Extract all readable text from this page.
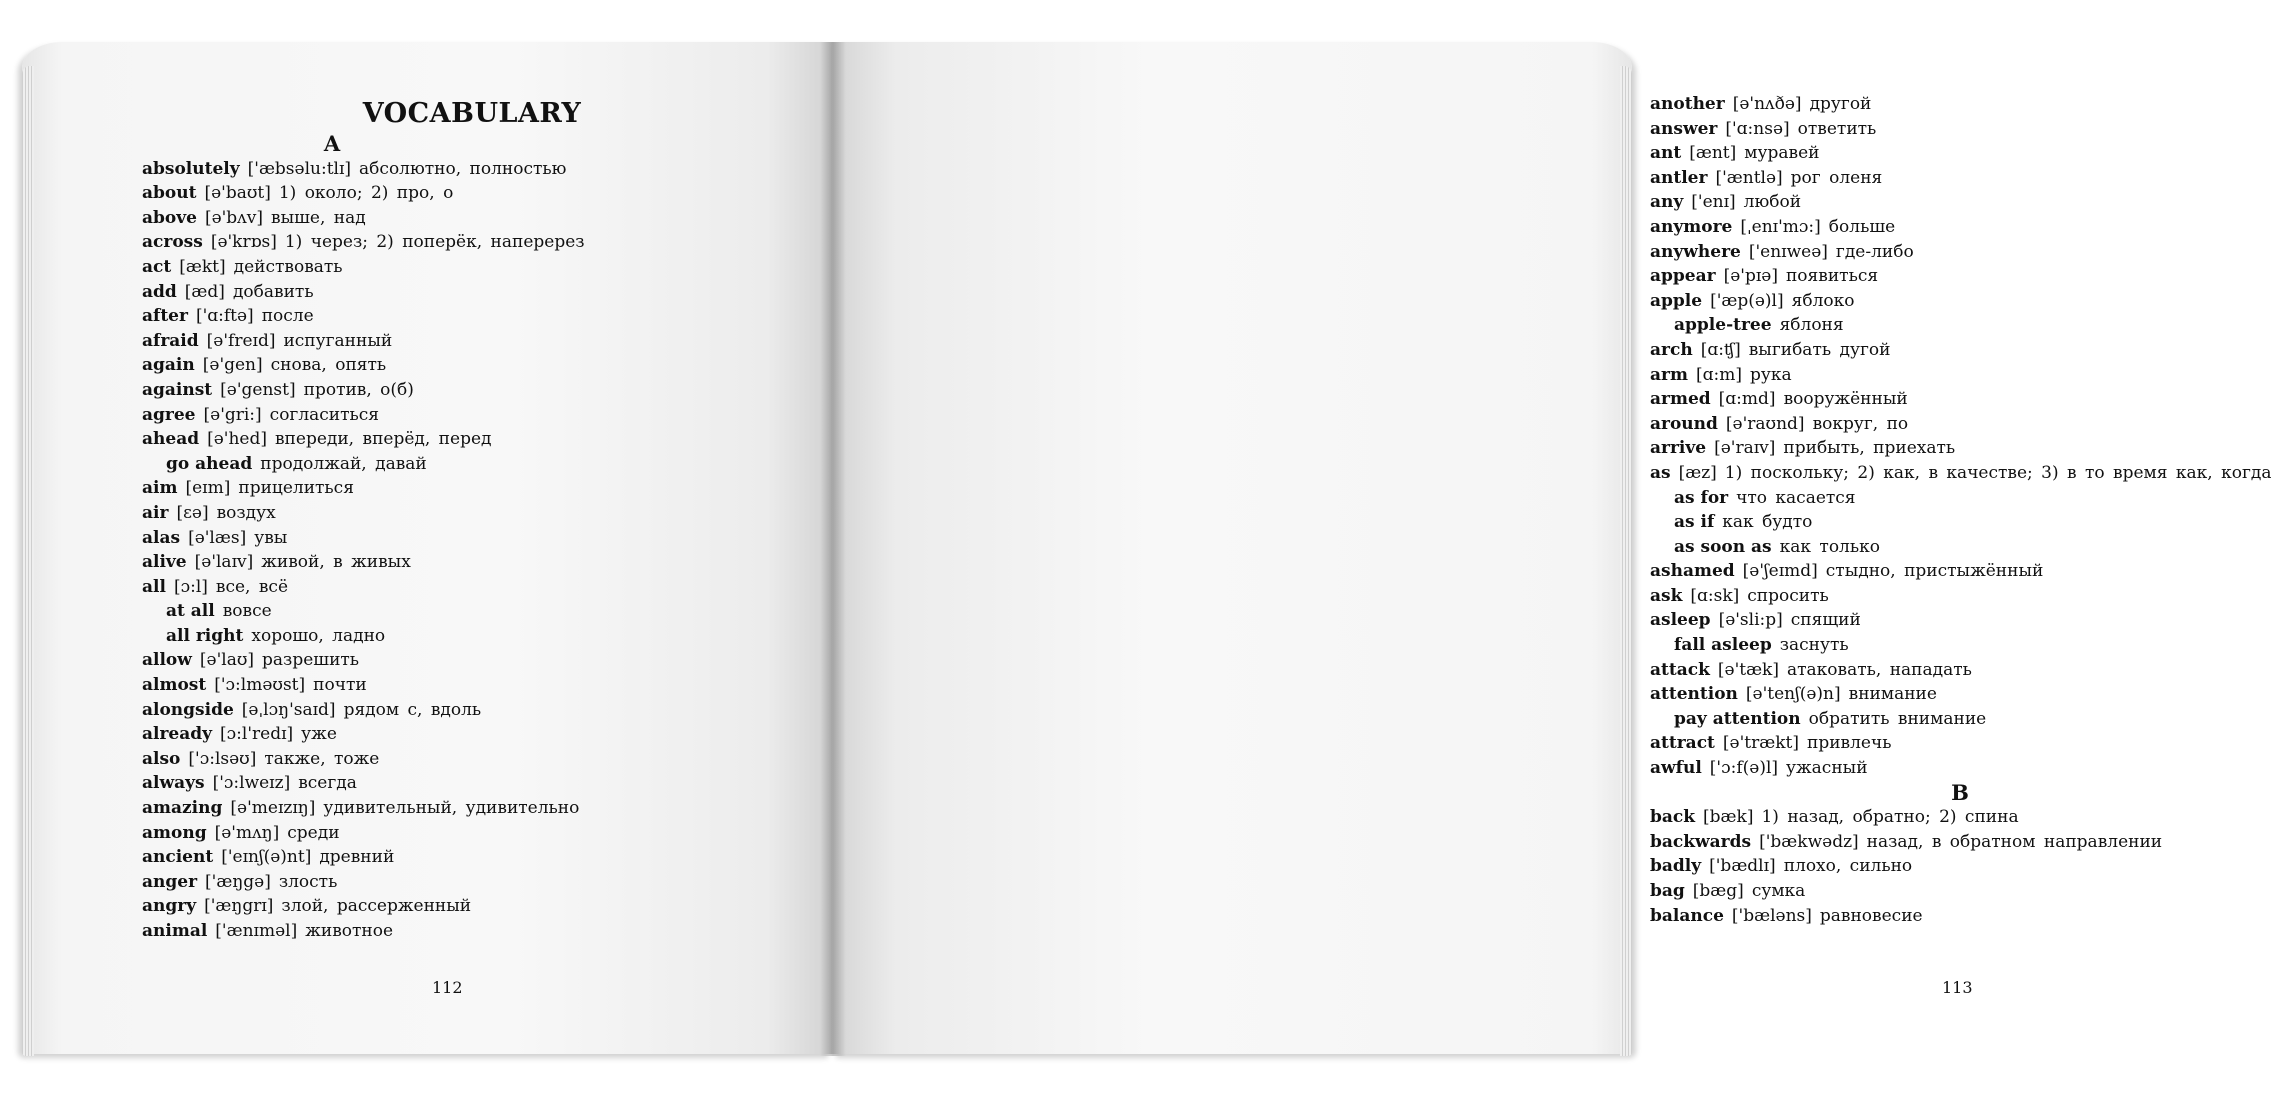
VOCABULARY
A
absolutely ['æbsəlu:tlɪ] абсолютно, полностью
about [ə'baʊt] 1) около; 2) про, о
above [ə'bʌv] выше, над
across [ə'krɒs] 1) через; 2) поперёк, наперерез
act [ækt] действовать
add [æd] добавить
after ['ɑ:ftə] после
afraid [ə'freɪd] испуганный
again [ə'gen] снова, опять
against [ə'genst] против, о(б)
agree [ə'gri:] согласиться
ahead [ə'hed] впереди, вперёд, перед
go ahead продолжай, давай
aim [eɪm] прицелиться
air [ɛə] воздух
alas [ə'læs] увы
alive [ə'laɪv] живой, в живых
all [ɔ:l] все, всё
at all вовсе
all right хорошо, ладно
allow [ə'laʊ] разрешить
almost ['ɔ:lməʊst] почти
alongside [əˌlɔŋ'saɪd] рядом с, вдоль
already [ɔ:l'redɪ] уже
also ['ɔ:lsəʊ] также, тоже
always ['ɔ:lweɪz] всегда
amazing [ə'meɪzɪŋ] удивительный, удивительно
among [ə'mʌŋ] среди
ancient ['eɪnʃ(ə)nt] древний
anger ['æŋgə] злость
angry ['æŋgrɪ] злой, рассерженный
animal ['ænɪməl] животное
112
another [ə'nʌðə] другой
answer ['ɑ:nsə] ответить
ant [ænt] муравей
antler ['æntlə] рог оленя
any ['enɪ] любой
anymore [ˌenɪ'mɔ:] больше
anywhere ['enɪweə] где-либо
appear [ə'pɪə] появиться
apple ['æp(ə)l] яблоко
apple-tree яблоня
arch [ɑ:ʧ] выгибать дугой
arm [ɑ:m] рука
armed [ɑ:md] вооружённый
around [ə'raʊnd] вокруг, по
arrive [ə'raɪv] прибыть, приехать
as [æz] 1) поскольку; 2) как, в качестве; 3) в то время как, когда
as for что касается
as if как будто
as soon as как только
ashamed [ə'ʃeɪmd] стыдно, пристыжённый
ask [ɑ:sk] спросить
asleep [ə'sli:p] спящий
fall asleep заснуть
attack [ə'tæk] атаковать, нападать
attention [ə'tenʃ(ə)n] внимание
pay attention обратить внимание
attract [ə'trækt] привлечь
awful ['ɔ:f(ə)l] ужасный
B
back [bæk] 1) назад, обратно; 2) спина
backwards ['bækwədz] назад, в обратном направлении
badly ['bædlɪ] плохо, сильно
bag [bæg] сумка
balance ['bæləns] равновесие
113
